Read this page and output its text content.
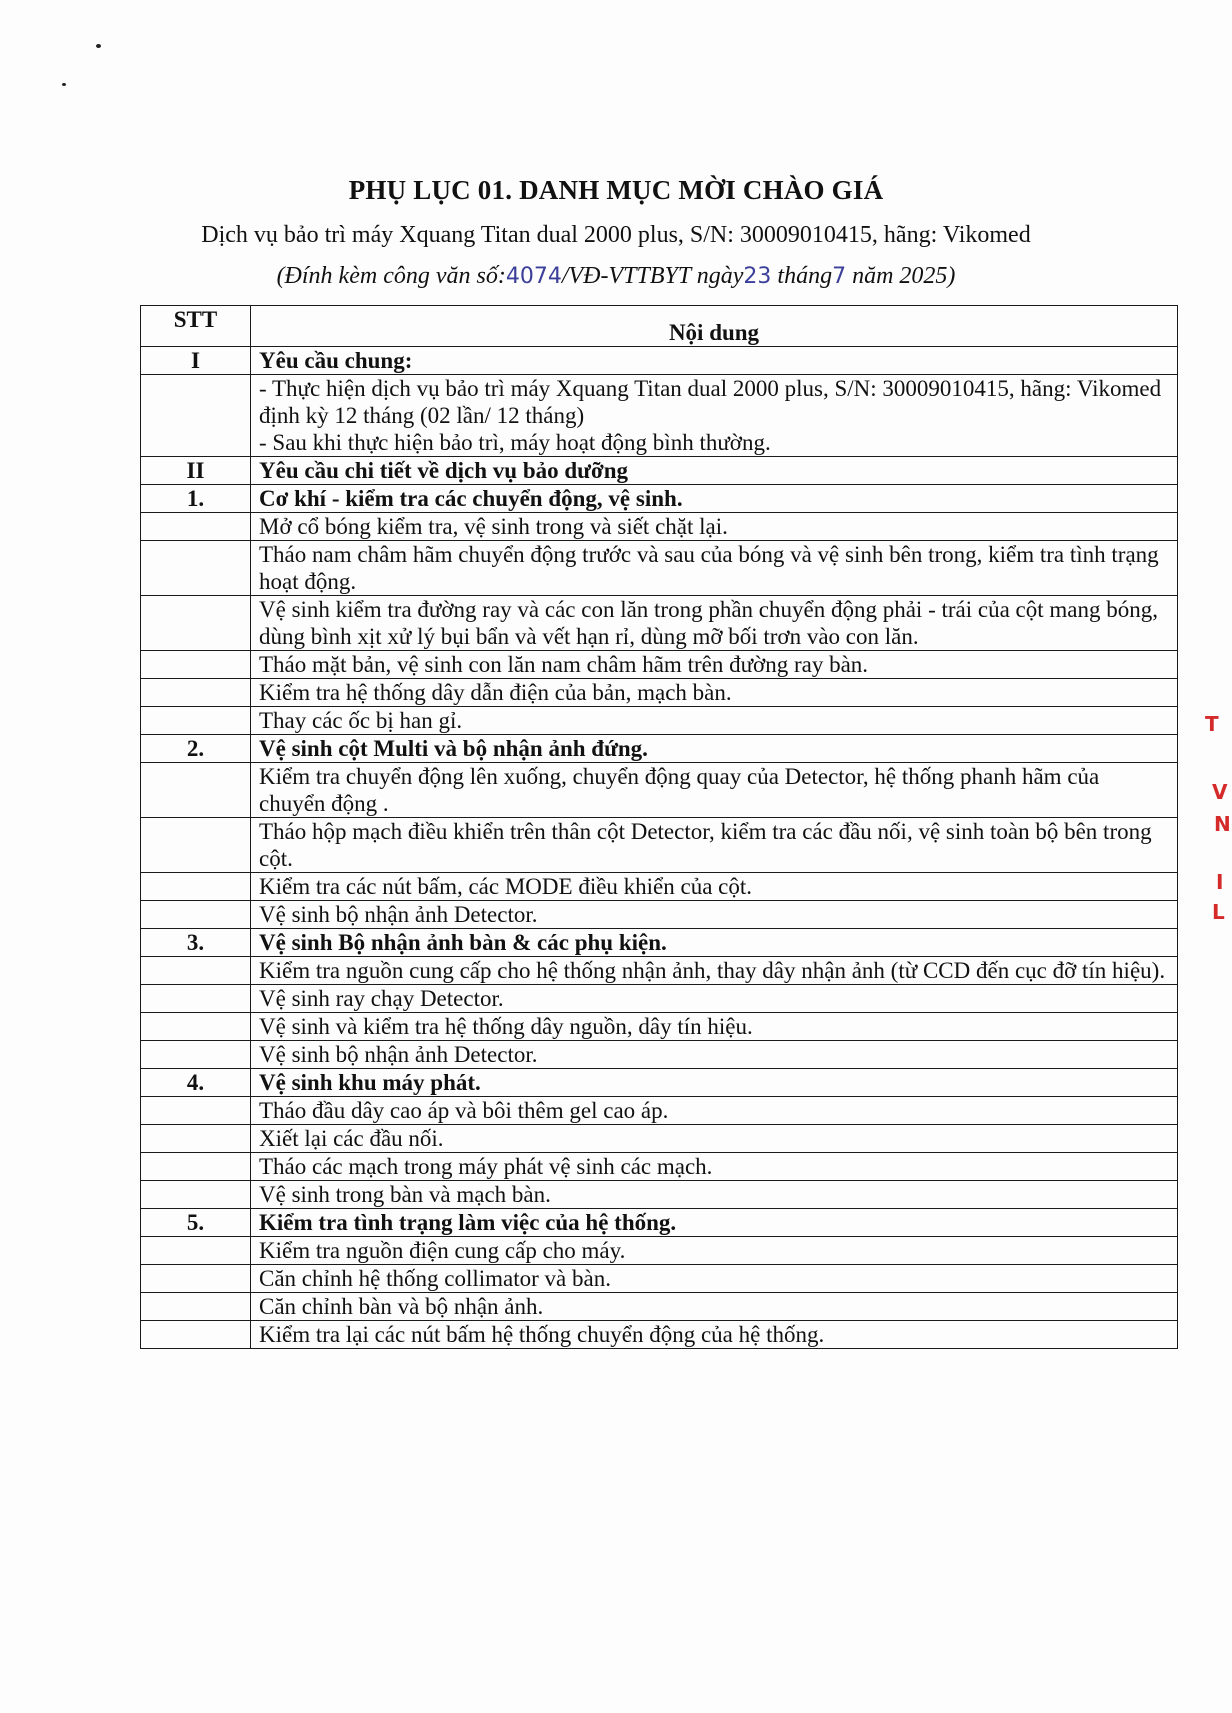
PHỤ LỤC 01. DANH MỤC MỜI CHÀO GIÁ
Dịch vụ bảo trì máy Xquang Titan dual 2000 plus, S/N: 30009010415, hãng: Vikomed
(Đính kèm công văn số:4074/VĐ-VTTBYT ngày23 tháng7 năm 2025)
STT	Nội dung
I	Yêu cầu chung:
	- Thực hiện dịch vụ bảo trì máy Xquang Titan dual 2000 plus, S/N: 30009010415, hãng: Vikomed định kỳ 12 tháng (02 lần/ 12 tháng)
- Sau khi thực hiện bảo trì, máy hoạt động bình thường.
II	Yêu cầu chi tiết về dịch vụ bảo dưỡng
1.	Cơ khí - kiểm tra các chuyển động, vệ sinh.
	Mở cổ bóng kiểm tra, vệ sinh trong và siết chặt lại.
	Tháo nam châm hãm chuyển động trước và sau của bóng và vệ sinh bên trong, kiểm tra tình trạng hoạt động.
	Vệ sinh kiểm tra đường ray và các con lăn trong phần chuyển động phải - trái của cột mang bóng, dùng bình xịt xử lý bụi bẩn và vết hạn rỉ, dùng mỡ bối trơn vào con lăn.
	Tháo mặt bản, vệ sinh con lăn nam châm hãm trên đường ray bàn.
	Kiểm tra hệ thống dây dẫn điện của bản, mạch bàn.
	Thay các ốc bị han gỉ.
2.	Vệ sinh cột Multi và bộ nhận ảnh đứng.
	Kiểm tra chuyển động lên xuống, chuyển động quay của Detector, hệ thống phanh hãm của chuyển động .
	Tháo hộp mạch điều khiển trên thân cột Detector, kiểm tra các đầu nối, vệ sinh toàn bộ bên trong cột.
	Kiểm tra các nút bấm, các MODE điều khiển của cột.
	Vệ sinh bộ nhận ảnh Detector.
3.	Vệ sinh Bộ nhận ảnh bàn & các phụ kiện.
	Kiểm tra nguồn cung cấp cho hệ thống nhận ảnh, thay dây nhận ảnh (từ CCD đến cục đỡ tín hiệu).
	Vệ sinh ray chạy Detector.
	Vệ sinh và kiểm tra hệ thống dây nguồn, dây tín hiệu.
	Vệ sinh bộ nhận ảnh Detector.
4.	Vệ sinh khu máy phát.
	Tháo đầu dây cao áp và bôi thêm gel cao áp.
	Xiết lại các đầu nối.
	Tháo các mạch trong máy phát vệ sinh các mạch.
	Vệ sinh trong bàn và mạch bàn.
5.	Kiểm tra tình trạng làm việc của hệ thống.
	Kiểm tra nguồn điện cung cấp cho máy.
	Căn chỉnh hệ thống collimator và bàn.
	Căn chỉnh bàn và bộ nhận ảnh.
	Kiểm tra lại các nút bấm hệ thống chuyển động của hệ thống.
T
V
N
I
L
